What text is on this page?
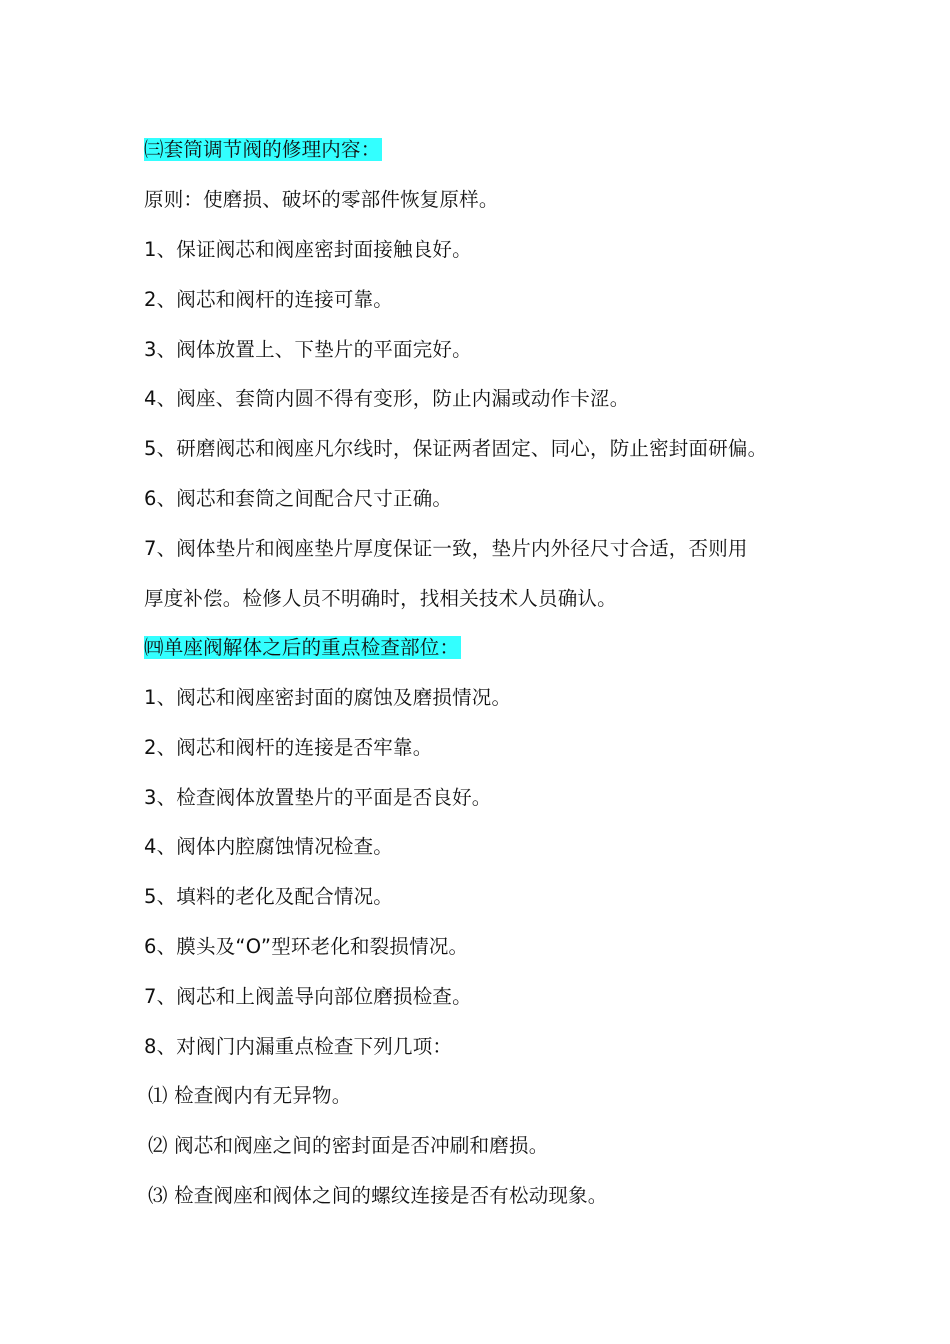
㈢套筒调节阀的修理内容：
原则：使磨损、破坏的零部件恢复原样。
1、保证阀芯和阀座密封面接触良好。
2、阀芯和阀杆的连接可靠。
3、阀体放置上、下垫片的平面完好。
4、阀座、套筒内圆不得有变形，防止内漏或动作卡涩。
5、研磨阀芯和阀座凡尔线时，保证两者固定、同心，防止密封面研偏。
6、阀芯和套筒之间配合尺寸正确。
7、阀体垫片和阀座垫片厚度保证一致，垫片内外径尺寸合适，否则用
厚度补偿。检修人员不明确时，找相关技术人员确认。
㈣单座阀解体之后的重点检查部位：
1、阀芯和阀座密封面的腐蚀及磨损情况。
2、阀芯和阀杆的连接是否牢靠。
3、检查阀体放置垫片的平面是否良好。
4、阀体内腔腐蚀情况检查。
5、填料的老化及配合情况。
6、膜头及“O”型环老化和裂损情况。
7、阀芯和上阀盖导向部位磨损检查。
8、对阀门内漏重点检查下列几项：
⑴ 检查阀内有无异物。
⑵ 阀芯和阀座之间的密封面是否冲刷和磨损。
⑶ 检查阀座和阀体之间的螺纹连接是否有松动现象。
